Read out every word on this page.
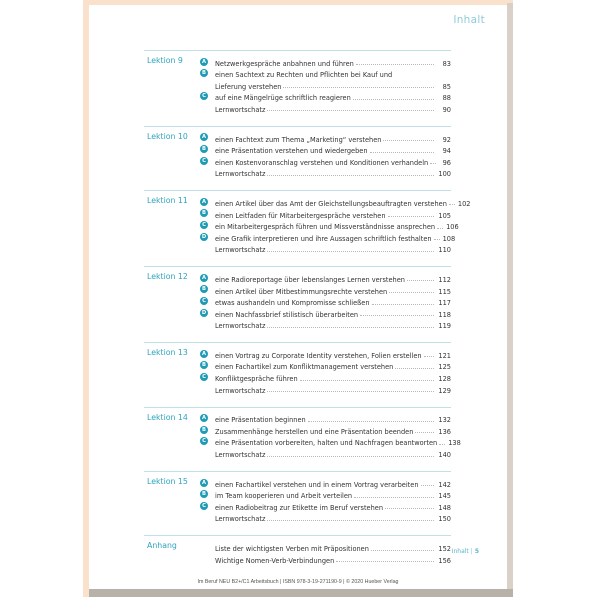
Inhalt
Lektion 9	A	Netzwerkgespräche anbahnen und führen	83
B	einen Sachtext zu Rechten und Pflichten bei Kauf und
Lieferung verstehen	85
C	auf eine Mängelrüge schriftlich reagieren	88
Lernwortschatz	90
Lektion 10	A	einen Fachtext zum Thema „Marketing“ verstehen	92
B	eine Präsentation verstehen und wiedergeben	94
C	einen Kostenvoranschlag verstehen und Konditionen verhandeln	96
Lernwortschatz	100
Lektion 11	A	einen Artikel über das Amt der Gleichstellungsbeauftragten verstehen 102
B	einen Leitfaden für Mitarbeitergespräche verstehen	105
C	ein Mitarbeitergespräch führen und Missverständnisse ansprechen 106
D eine Grafik interpretieren und ihre Aussagen schriftlich festhalten 108
Lernwortschatz	110
Lektion 12	A	eine Radioreportage über lebenslanges Lernen verstehen	112
B	einen Artikel über Mitbestimmungsrechte verstehen	115
C	etwas aushandeln und Kompromisse schließen	117
D einen Nachfassbrief stilistisch überarbeiten	118
Lernwortschatz	119
Lektion 13	A	einen Vortrag zu Corporate Identity verstehen, Folien erstellen	121
B	einen Fachartikel zum Konfliktmanagement verstehen	125
C	Konfliktgespräche führen	128
Lernwortschatz	129
Lektion 14	A	eine Präsentation beginnen	132
B	Zusammenhänge herstellen und eine Präsentation beenden	136
C	eine Präsentation vorbereiten, halten und Nachfragen beantworten 138
Lernwortschatz	140
Lektion 15	A	einen Fachartikel verstehen und in einem Vortrag verarbeiten	142
B	im Team kooperieren und Arbeit verteilen	145
C	einen Radiobeitrag zur Etikette im Beruf verstehen	148
Lernwortschatz	150
Anhang	Liste der wichtigsten Verben mit Präpositionen	152
Wichtige Nomen-Verb-Verbindungen	156
Inhalt | 5
Im Beruf NEU B2+/C1 Arbeitsbuch | ISBN 978-3-19-271190-9 | © 2020 Hueber Verlag
